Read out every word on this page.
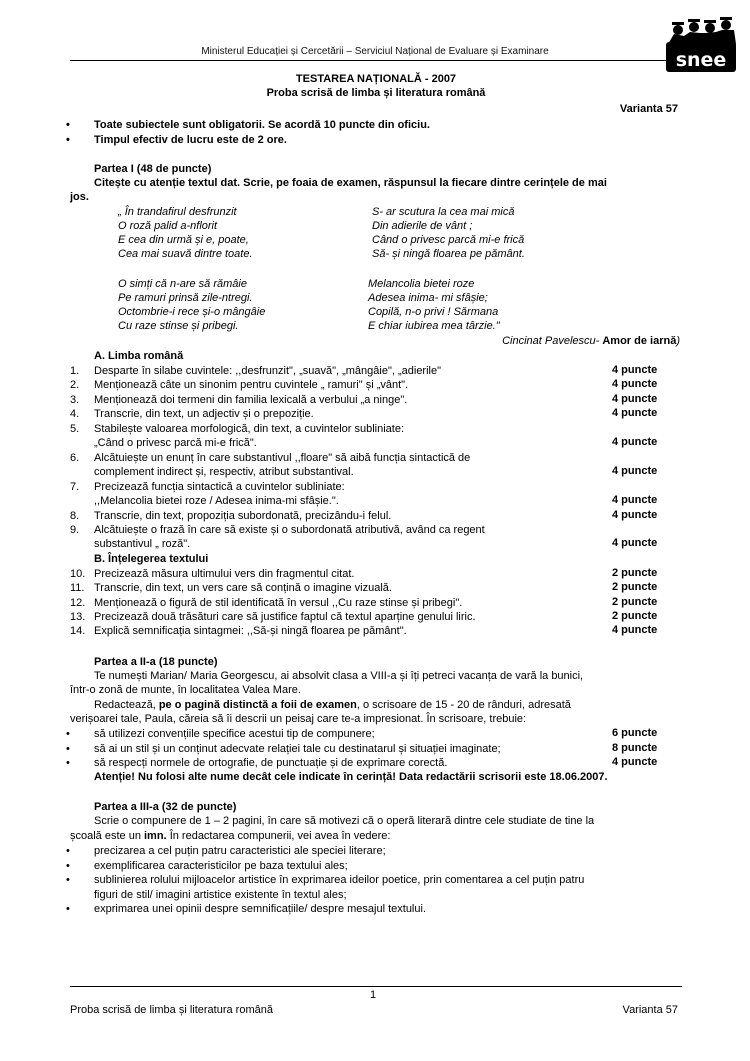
Ministerul Educației și Cercetării – Serviciul Național de Evaluare și Examinare	snee
TESTAREA NAȚIONALĂ - 2007
Proba scrisă de limba și literatura română
Varianta 57
• Toate subiectele sunt obligatorii. Se acordă 10 puncte din oficiu.
• Timpul efectiv de lucru este de 2 ore.
Partea I (48 de puncte)
Citește cu atenție textul dat. Scrie, pe foaia de examen, răspunsul la fiecare dintre cerințele de mai
jos.
„ În trandafirul desfrunzit
O roză palid a-nflorit
E cea din urmă și e, poate,
Cea mai suavă dintre toate.
O simți că n-are să rămâie
Pe ramuri prinsă zile-ntregi.
Octombrie-i rece și-o mângâie
Cu raze stinse și pribegi.
S- ar scutura la cea mai mică
Din adierile de vânt ;
Când o privesc parcă mi-e frică
Să- și ningă floarea pe pământ.
Melancolia bietei roze
Adesea inima- mi sfâșie;
Copilă, n-o privi ! Sărmana
E chiar iubirea mea târzie."
Cincinat Pavelescu- Amor de iarnă)
A. Limba română
1. Desparte în silabe cuvintele: ,,desfrunzit", „suavă", „mângâie", „adierile"	4 puncte
2. Menționează câte un sinonim pentru cuvintele „ ramuri" și „vânt".	4 puncte
3. Menționează doi termeni din familia lexicală a verbului „a ninge".	4 puncte
4. Transcrie, din text, un adjectiv și o prepoziție.	4 puncte
5. Stabilește valoarea morfologică, din text, a cuvintelor subliniate:
„Când o privesc parcă mi-e frică".	4 puncte
6. Alcătuiește un enunț în care substantivul ,,floare" să aibă funcția sintactică de
complement indirect și, respectiv, atribut substantival.	4 puncte
7. Precizează funcția sintactică a cuvintelor subliniate:
,,Melancolia bietei roze / Adesea inima-mi sfâșie.".	4 puncte
8. Transcrie, din text, propoziția subordonată, precizându-i felul.	4 puncte
9. Alcătuiește o frază în care să existe și o subordonată atributivă, având ca regent
substantivul „ roză".	4 puncte
10. Precizează măsura ultimului vers din fragmentul citat.	2 puncte
11. Transcrie, din text, un vers care să conțină o imagine vizuală.	2 puncte
12. Menționează o figură de stil identificată în versul ,,Cu raze stinse și pribegi".	2 puncte
13. Precizează două trăsături care să justifice faptul că textul aparține genului liric.	2 puncte
14. Explică semnificația sintagmei: ,,Să-și ningă floarea pe pământ".	4 puncte
B. Înțelegerea textului
Partea a II-a (18 puncte)
Te numești Marian/ Maria Georgescu, ai absolvit clasa a VIII-a și îți petreci vacanța de vară la bunici,
într-o zonă de munte, în localitatea Valea Mare.
Redactează, pe o pagină distinctă a foii de examen, o scrisoare de 15 - 20 de rânduri, adresată
verișoarei tale, Paula, căreia să îi descrii un peisaj care te-a impresionat. În scrisoare, trebuie:
• să utilizezi convențiile specifice acestui tip de compunere;	6 puncte
• să ai un stil și un conținut adecvate relației tale cu destinatarul și situației imaginate;	8 puncte
• să respecți normele de ortografie, de punctuație și de exprimare corectă.	4 puncte
Atenție! Nu folosi alte nume decât cele indicate în cerință! Data redactării scrisorii este 18.06.2007.
Partea a III-a (32 de puncte)
Scrie o compunere de 1 – 2 pagini, în care să motivezi că o operă literară dintre cele studiate de tine la
școală este un imn. În redactarea compunerii, vei avea în vedere:
• precizarea a cel puțin patru caracteristici ale speciei literare;
• exemplificarea caracteristicilor pe baza textului ales;
• sublinierea rolului mijloacelor artistice în exprimarea ideilor poetice, prin comentarea a cel puțin patru
figuri de stil/ imagini artistice existente în textul ales;
• exprimarea unei opinii despre semnificațiile/ despre mesajul textului.
1
Proba scrisă de limba și literatura română	Varianta 57
